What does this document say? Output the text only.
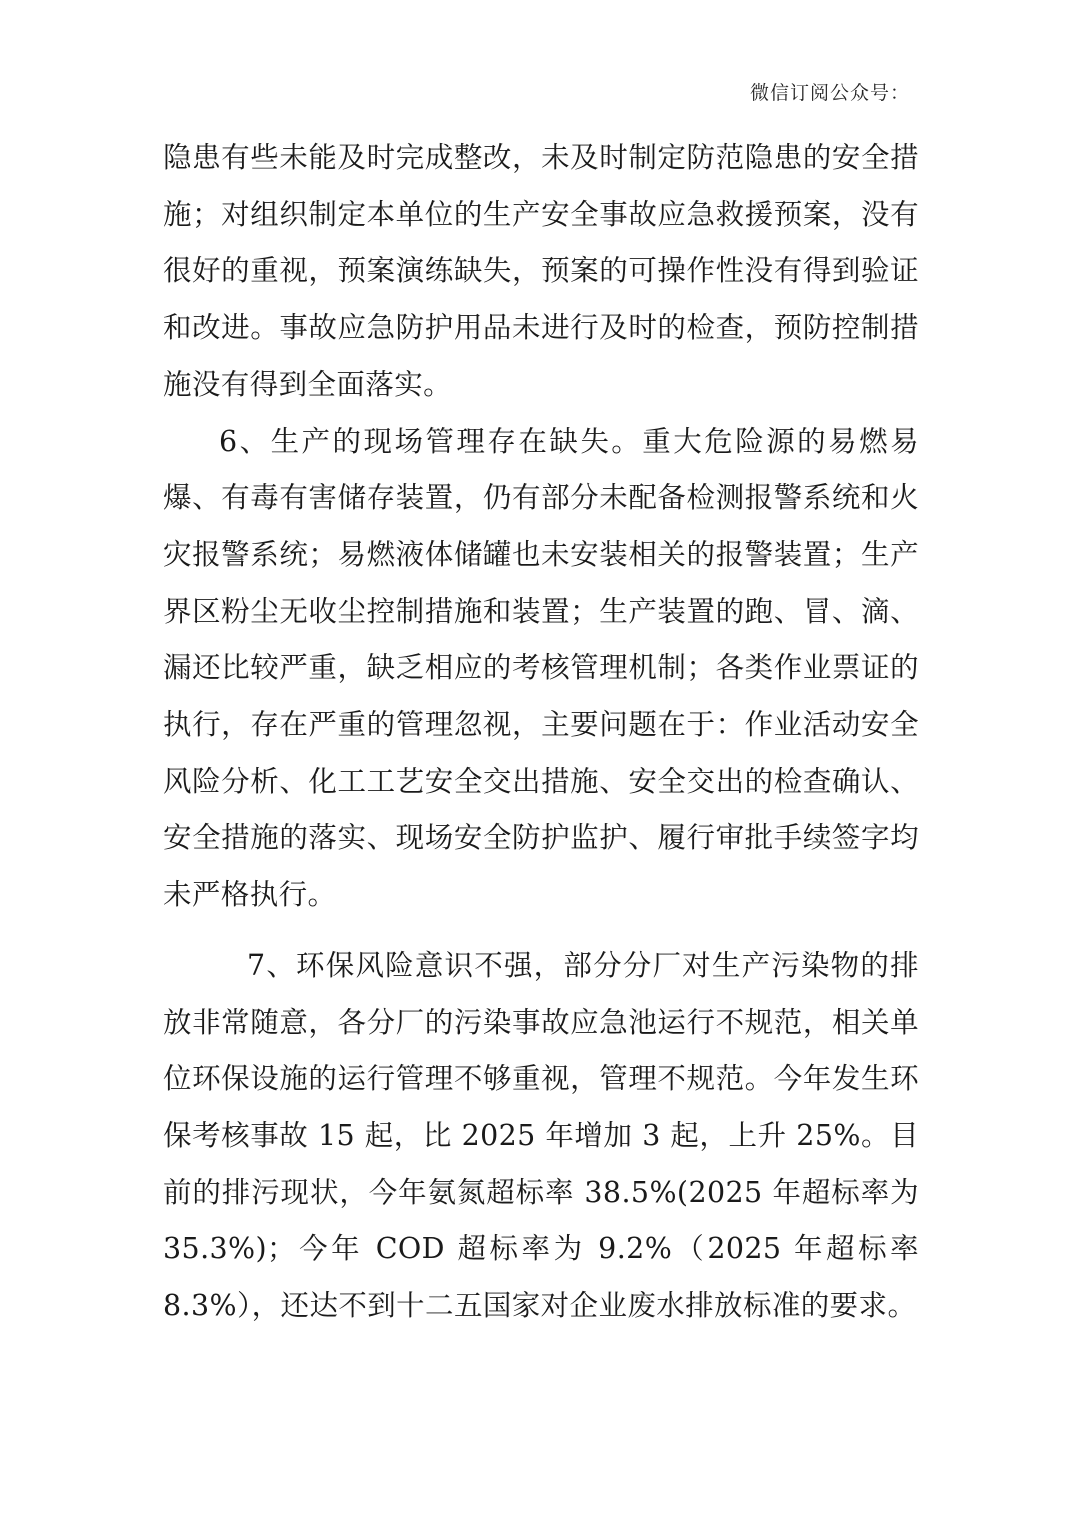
微信订阅公众号：

隐患有些未能及时完成整改，未及时制定防范隐患的安全措施；对组织制定本单位的生产安全事故应急救援预案，没有很好的重视，预案演练缺失，预案的可操作性没有得到验证和改进。事故应急防护用品未进行及时的检查，预防控制措施没有得到全面落实。

6、生产的现场管理存在缺失。重大危险源的易燃易爆、有毒有害储存装置，仍有部分未配备检测报警系统和火灾报警系统；易燃液体储罐也未安装相关的报警装置；生产界区粉尘无收尘控制措施和装置；生产装置的跑、冒、滴、漏还比较严重，缺乏相应的考核管理机制；各类作业票证的执行，存在严重的管理忽视，主要问题在于：作业活动安全风险分析、化工工艺安全交出措施、安全交出的检查确认、安全措施的落实、现场安全防护监护、履行审批手续签字均未严格执行。

7、环保风险意识不强，部分分厂对生产污染物的排放非常随意，各分厂的污染事故应急池运行不规范，相关单位环保设施的运行管理不够重视，管理不规范。今年发生环保考核事故 15 起，比 2025 年增加 3 起，上升 25%。目前的排污现状，今年氨氮超标率 38.5%(2025 年超标率为 35.3%)；今年 COD 超标率为 9.2%（2025 年超标率 8.3%），还达不到十二五国家对企业废水排放标准的要求。
